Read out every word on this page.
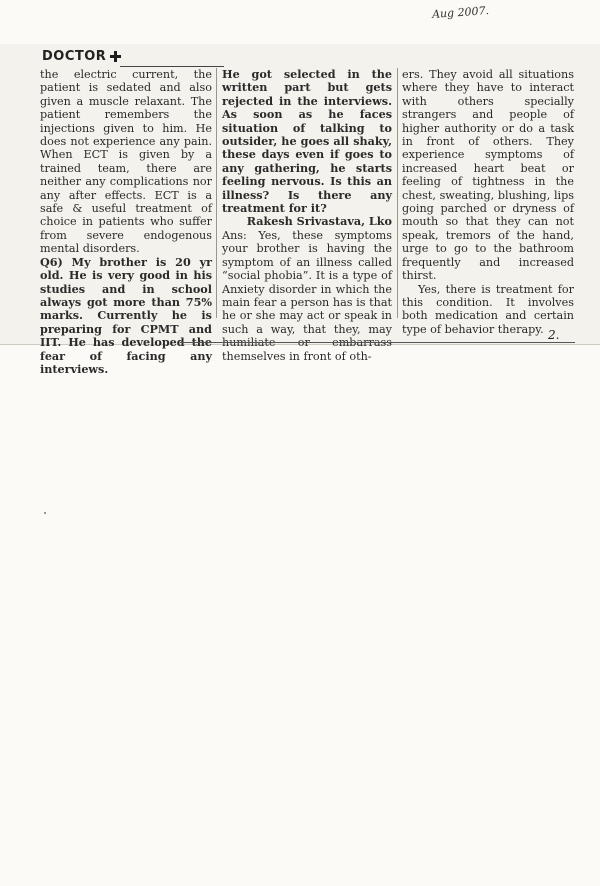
Aug 2007.
DOCTOR

the electric current, the patient is sedated and also given a muscle relaxant. The patient remembers the injections given to him. He does not experience any pain. When ECT is given by a trained team, there are neither any complications nor any after effects. ECT is a safe & useful treatment of choice in patients who suffer from severe endogenous mental disorders.

Q6) My brother is 20 yr old. He is very good in his studies and in school always got more than 75% marks. Currently he is preparing for CPMT and IIT. He has developed the fear of facing any interviews.

He got selected in the written part but gets rejected in the interviews. As soon as he faces situation of talking to outsider, he goes all shaky, these days even if goes to any gathering, he starts feeling nervous. Is this an illness? Is there any treatment for it?

Rakesh Srivastava, Lko

Ans: Yes, these symptoms your brother is having the symptom of an illness called “social phobia”. It is a type of Anxiety disorder in which the main fear a person has is that he or she may act or speak in such a way, that they, may humiliate or embarrass themselves in front of oth-

ers. They avoid all situations where they have to interact with others specially strangers and people of higher authority or do a task in front of others. They experience symptoms of increased heart beat or feeling of tightness in the chest, sweating, blushing, lips going parched or dryness of mouth so that they can not speak, tremors of the hand, urge to go to the bathroom frequently and increased thirst.

Yes, there is treatment for this condition. It involves both medication and certain type of behavior therapy. 2.
